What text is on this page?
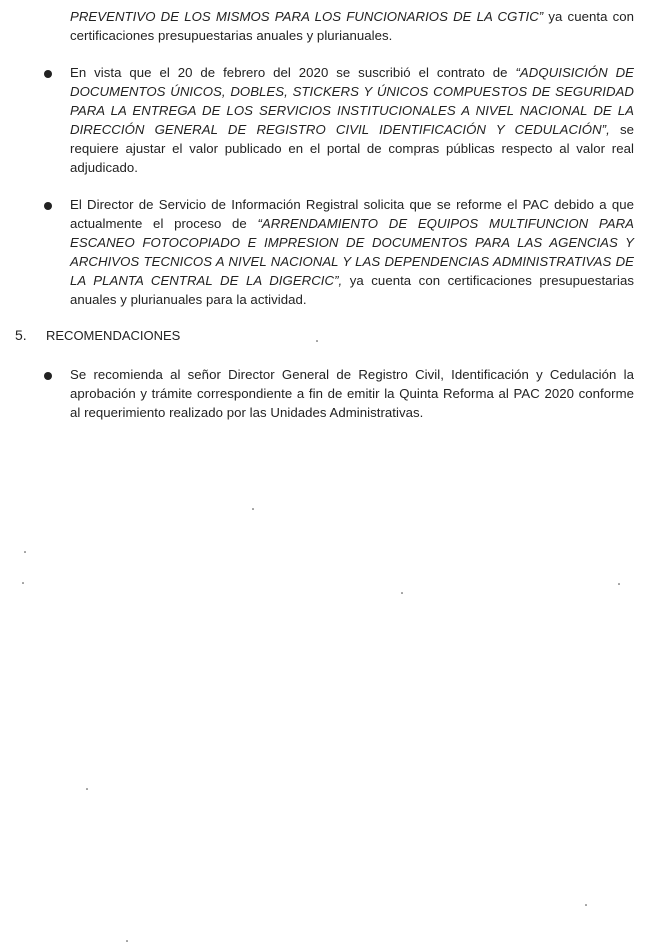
PREVENTIVO DE LOS MISMOS PARA LOS FUNCIONARIOS DE LA CGTIC” ya cuenta con certificaciones presupuestarias anuales y plurianuales.
En vista que el 20 de febrero del 2020 se suscribió el contrato de “ADQUISICIÓN DE DOCUMENTOS ÚNICOS, DOBLES, STICKERS Y ÚNICOS COMPUESTOS DE SEGURIDAD PARA LA ENTREGA DE LOS SERVICIOS INSTITUCIONALES A NIVEL NACIONAL DE LA DIRECCIÓN GENERAL DE REGISTRO CIVIL IDENTIFICACIÓN Y CEDULACIÓN”, se requiere ajustar el valor publicado en el portal de compras públicas respecto al valor real adjudicado.
El Director de Servicio de Información Registral solicita que se reforme el PAC debido a que actualmente el proceso de “ARRENDAMIENTO DE EQUIPOS MULTIFUNCION PARA ESCANEO FOTOCOPIADO E IMPRESION DE DOCUMENTOS PARA LAS AGENCIAS Y ARCHIVOS TECNICOS A NIVEL NACIONAL Y LAS DEPENDENCIAS ADMINISTRATIVAS DE LA PLANTA CENTRAL DE LA DIGERCIC”, ya cuenta con certificaciones presupuestarias anuales y plurianuales para la actividad.
5. RECOMENDACIONES
Se recomienda al señor Director General de Registro Civil, Identificación y Cedulación la aprobación y trámite correspondiente a fin de emitir la Quinta Reforma al PAC 2020 conforme al requerimiento realizado por las Unidades Administrativas.
